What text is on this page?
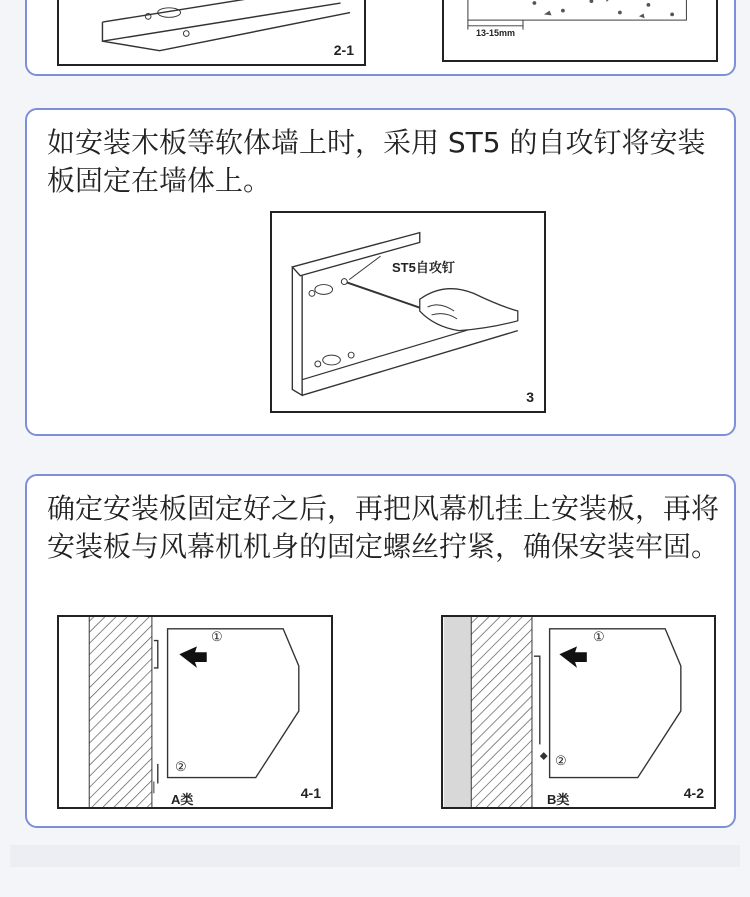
2-1
13-15mm

如安装木板等软体墙上时，采用 ST5 的自攻钉将安装板固定在墙体上。

ST5自攻钉
3

确定安装板固定好之后，再把风幕机挂上安装板，再将安装板与风幕机机身的固定螺丝拧紧，确保安装牢固。

①
②
A类	4-1
①
②
B类	4-2
